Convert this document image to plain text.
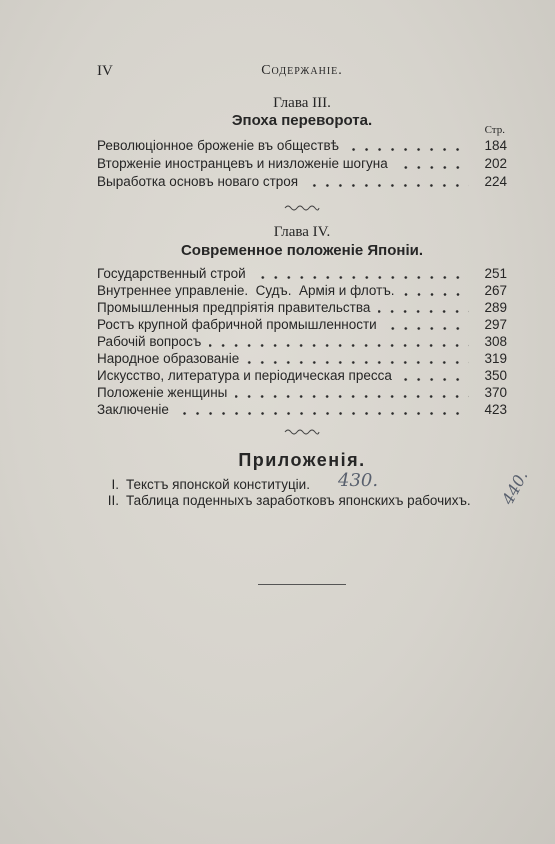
IV	Содержаніе.
Глава III.
Эпоха переворота.
Стр.
Революціонное броженіе въ обществѣ	184
Вторженіе иностранцевъ и низложеніе шогуна	202
Выработка основъ новаго строя	224
Глава IV.
Современное положеніе Японіи.
Государственный строй	251
Внутреннее управленіе.  Судъ.  Армія и флотъ.	267
Промышленныя предпріятія правительства	289
Ростъ крупной фабричной промышленности	297
Рабочій вопросъ	308
Народное образованіе	319
Искусство, литература и періодическая пресса	350
Положеніе женщины	370
Заключеніе	423
Приложенія.
I. Текстъ японской конституціи. 430.
II. Таблица поденныхъ заработковъ японскихъ рабочихъ. 440.
